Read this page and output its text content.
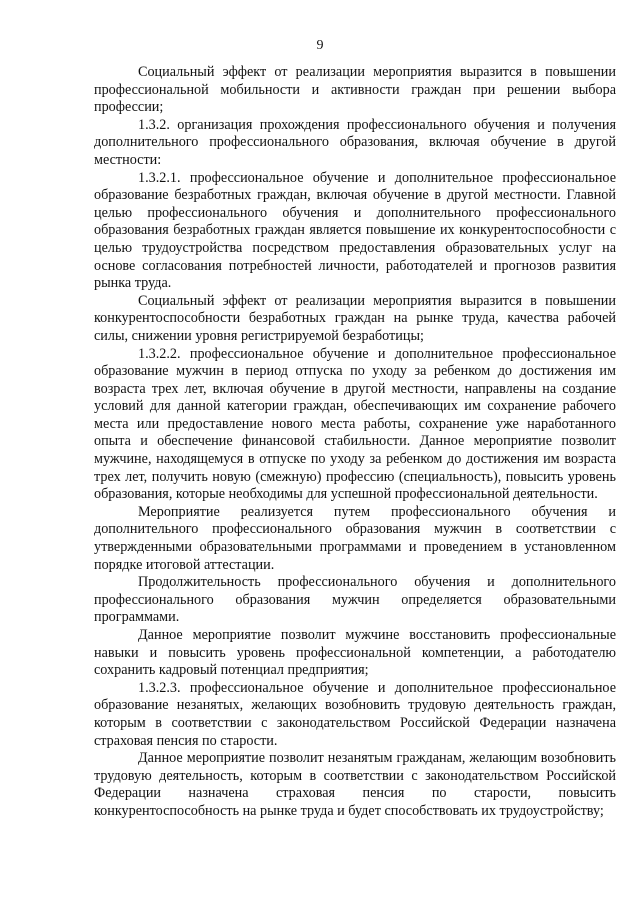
9

Социальный эффект от реализации мероприятия выразится в повышении профессиональной мобильности и активности граждан при решении выбора профессии;

1.3.2. организация прохождения профессионального обучения и получения дополнительного профессионального образования, включая обучение в другой местности:

1.3.2.1. профессиональное обучение и дополнительное профессиональное образование безработных граждан, включая обучение в другой местности. Главной целью профессионального обучения и дополнительного профессионального образования безработных граждан является повышение их конкурентоспособности с целью трудоустройства посредством предоставления образовательных услуг на основе согласования потребностей личности, работодателей и прогнозов развития рынка труда.

Социальный эффект от реализации мероприятия выразится в повышении конкурентоспособности безработных граждан на рынке труда, качества рабочей силы, снижении уровня регистрируемой безработицы;

1.3.2.2. профессиональное обучение и дополнительное профессиональное образование мужчин в период отпуска по уходу за ребенком до достижения им возраста трех лет, включая обучение в другой местности, направлены на создание условий для данной категории граждан, обеспечивающих им сохранение рабочего места или предоставление нового места работы, сохранение уже наработанного опыта и обеспечение финансовой стабильности. Данное мероприятие позволит мужчине, находящемуся в отпуске по уходу за ребенком до достижения им возраста трех лет, получить новую (смежную) профессию (специальность), повысить уровень образования, которые необходимы для успешной профессиональной деятельности.

Мероприятие реализуется путем профессионального обучения и дополнительного профессионального образования мужчин в соответствии с утвержденными образовательными программами и проведением в установленном порядке итоговой аттестации.

Продолжительность профессионального обучения и дополнительного профессионального образования мужчин определяется образовательными программами.

Данное мероприятие позволит мужчине восстановить профессиональные навыки и повысить уровень профессиональной компетенции, а работодателю сохранить кадровый потенциал предприятия;

1.3.2.3. профессиональное обучение и дополнительное профессиональное образование незанятых, желающих возобновить трудовую деятельность граждан, которым в соответствии с законодательством Российской Федерации назначена страховая пенсия по старости.

Данное мероприятие позволит незанятым гражданам, желающим возобновить трудовую деятельность, которым в соответствии с законодательством Российской Федерации назначена страховая пенсия по старости, повысить конкурентоспособность на рынке труда и будет способствовать их трудоустройству;
